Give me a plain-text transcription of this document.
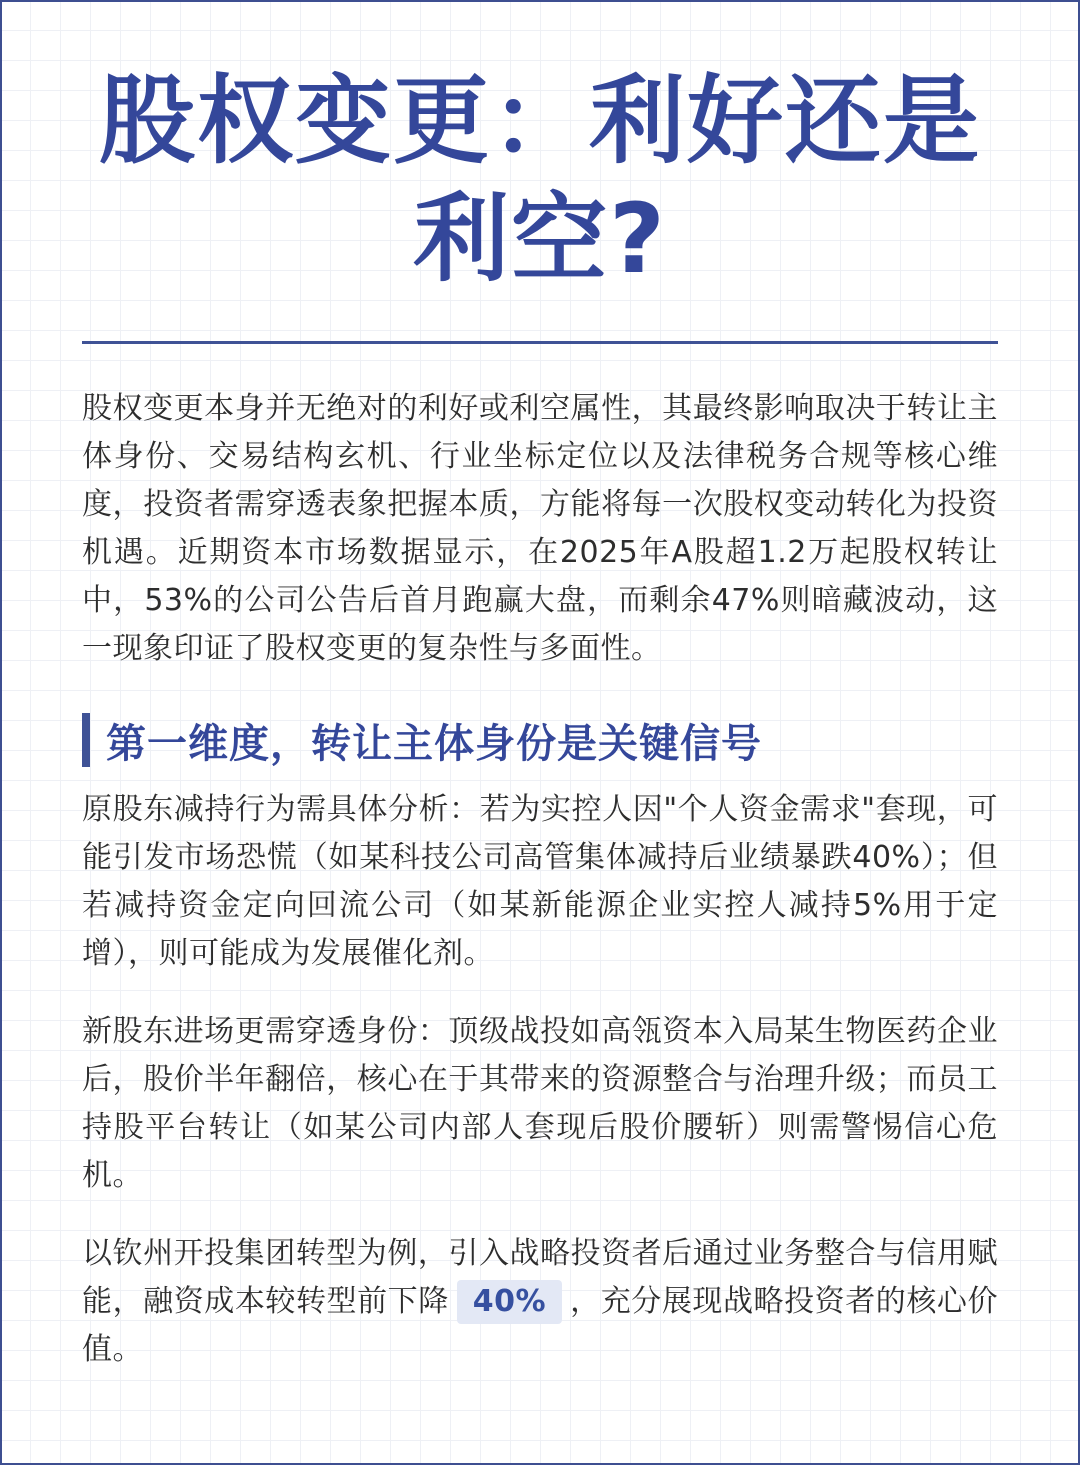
股权变更：利好还是
利空?

股权变更本身并无绝对的利好或利空属性，其最终影响取决于转让主体身份、交易结构玄机、行业坐标定位以及法律税务合规等核心维度，投资者需穿透表象把握本质，方能将每一次股权变动转化为投资机遇。近期资本市场数据显示，在2025年A股超1.2万起股权转让中，53%的公司公告后首月跑赢大盘，而剩余47%则暗藏波动，这一现象印证了股权变更的复杂性与多面性。

第一维度，转让主体身份是关键信号

原股东减持行为需具体分析：若为实控人因"个人资金需求"套现，可能引发市场恐慌（如某科技公司高管集体减持后业绩暴跌40%）；但若减持资金定向回流公司（如某新能源企业实控人减持5%用于定增），则可能成为发展催化剂。

新股东进场更需穿透身份：顶级战投如高瓴资本入局某生物医药企业后，股价半年翻倍，核心在于其带来的资源整合与治理升级；而员工持股平台转让（如某公司内部人套现后股价腰斩）则需警惕信心危机。

以钦州开投集团转型为例，引入战略投资者后通过业务整合与信用赋能，融资成本较转型前下降 40% ，充分展现战略投资者的核心价值。
